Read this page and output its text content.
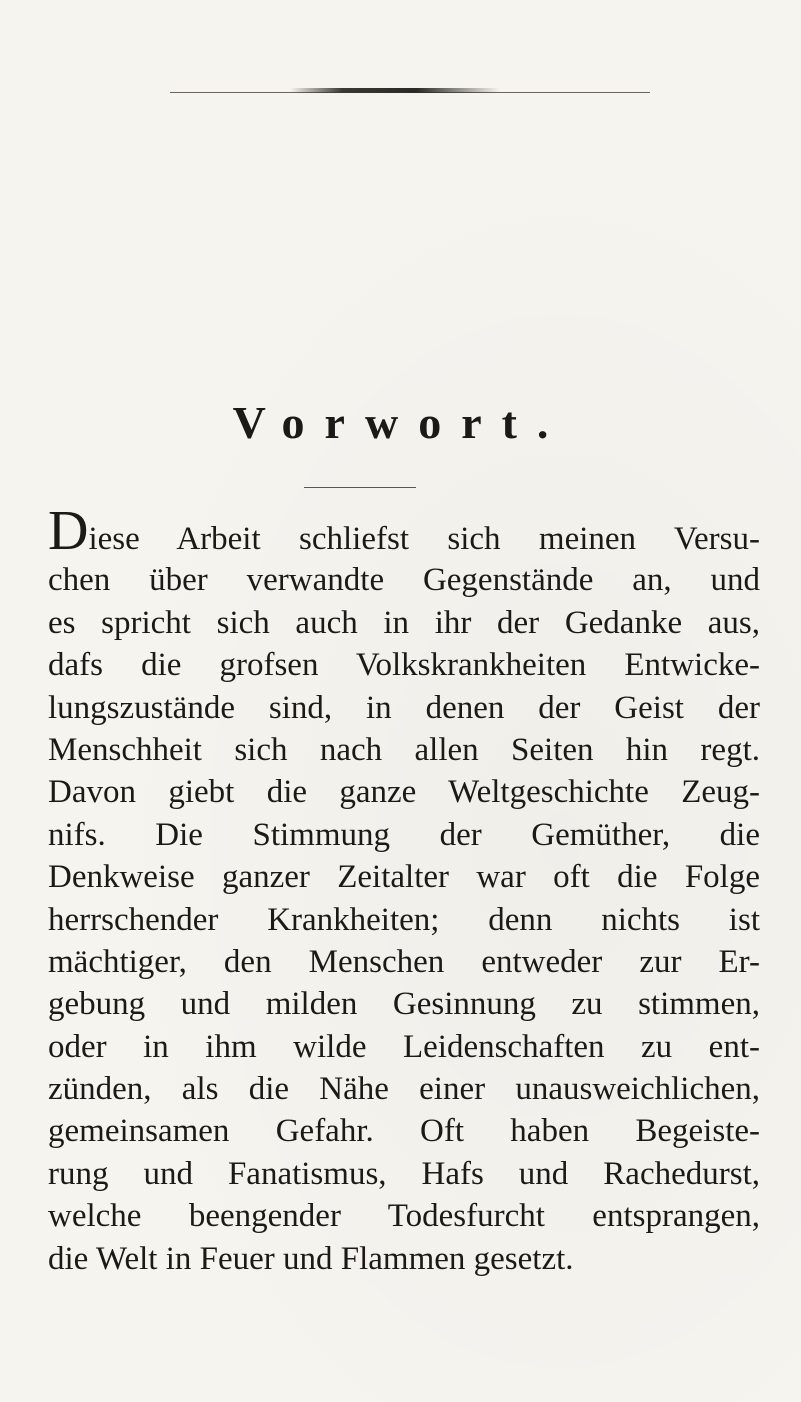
Vorwort.
Diese Arbeit schliefst sich meinen Versu-
chen über verwandte Gegenstände an, und
es spricht sich auch in ihr der Gedanke aus,
dafs die grofsen Volkskrankheiten Entwicke-
lungszustände sind, in denen der Geist der
Menschheit sich nach allen Seiten hin regt.
Davon giebt die ganze Weltgeschichte Zeug-
nifs. Die Stimmung der Gemüther, die
Denkweise ganzer Zeitalter war oft die Folge
herrschender Krankheiten; denn nichts ist
mächtiger, den Menschen entweder zur Er-
gebung und milden Gesinnung zu stimmen,
oder in ihm wilde Leidenschaften zu ent-
zünden, als die Nähe einer unausweichlichen,
gemeinsamen Gefahr. Oft haben Begeiste-
rung und Fanatismus, Hafs und Rachedurst,
welche beengender Todesfurcht entsprangen,
die Welt in Feuer und Flammen gesetzt.
